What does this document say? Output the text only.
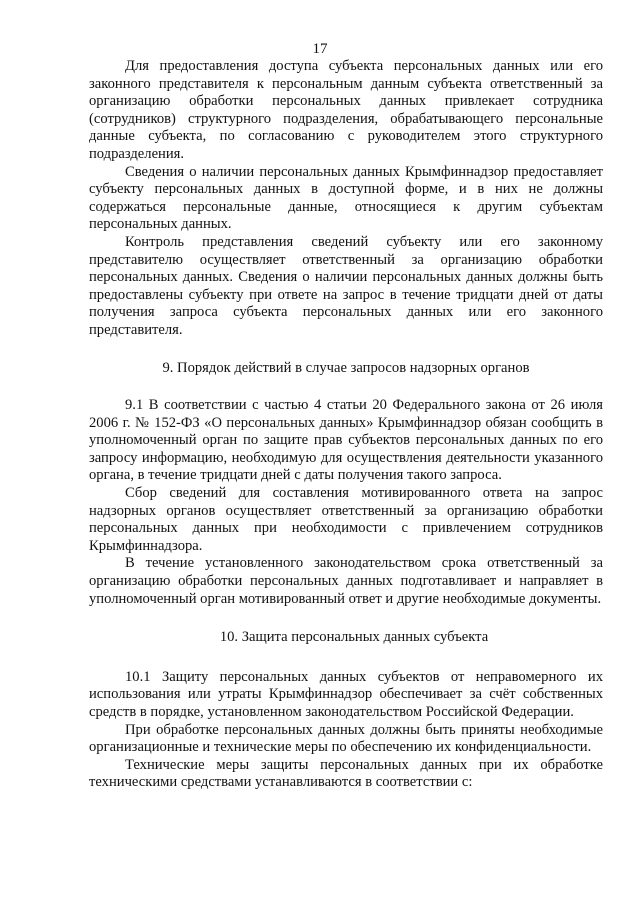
17

Для предоставления доступа субъекта персональных данных или его законного представителя к персональным данным субъекта ответственный за организацию обработки персональных данных привлекает сотрудника (сотрудников) структурного подразделения, обрабатывающего персональные данные субъекта, по согласованию с руководителем этого структурного подразделения.

Сведения о наличии персональных данных Крымфиннадзор предоставляет субъекту персональных данных в доступной форме, и в них не должны содержаться персональные данные, относящиеся к другим субъектам персональных данных.

Контроль представления сведений субъекту или его законному представителю осуществляет ответственный за организацию обработки персональных данных. Сведения о наличии персональных данных должны быть предоставлены субъекту при ответе на запрос в течение тридцати дней от даты получения запроса субъекта персональных данных или его законного представителя.

9. Порядок действий в случае запросов надзорных органов

9.1 В соответствии с частью 4 статьи 20 Федерального закона от 26 июля 2006 г. № 152-ФЗ «О персональных данных» Крымфиннадзор обязан сообщить в уполномоченный орган по защите прав субъектов персональных данных по его запросу информацию, необходимую для осуществления деятельности указанного органа, в течение тридцати дней с даты получения такого запроса.

Сбор сведений для составления мотивированного ответа на запрос надзорных органов осуществляет ответственный за организацию обработки персональных данных при необходимости с привлечением сотрудников Крымфиннадзора.

В течение установленного законодательством срока ответственный за организацию обработки персональных данных подготавливает и направляет в уполномоченный орган мотивированный ответ и другие необходимые документы.

10. Защита персональных данных субъекта

10.1 Защиту персональных данных субъектов от неправомерного их использования или утраты Крымфиннадзор обеспечивает за счёт собственных средств в порядке, установленном законодательством Российской Федерации.

При обработке персональных данных должны быть приняты необходимые организационные и технические меры по обеспечению их конфиденциальности.

Технические меры защиты персональных данных при их обработке техническими средствами устанавливаются в соответствии с:
